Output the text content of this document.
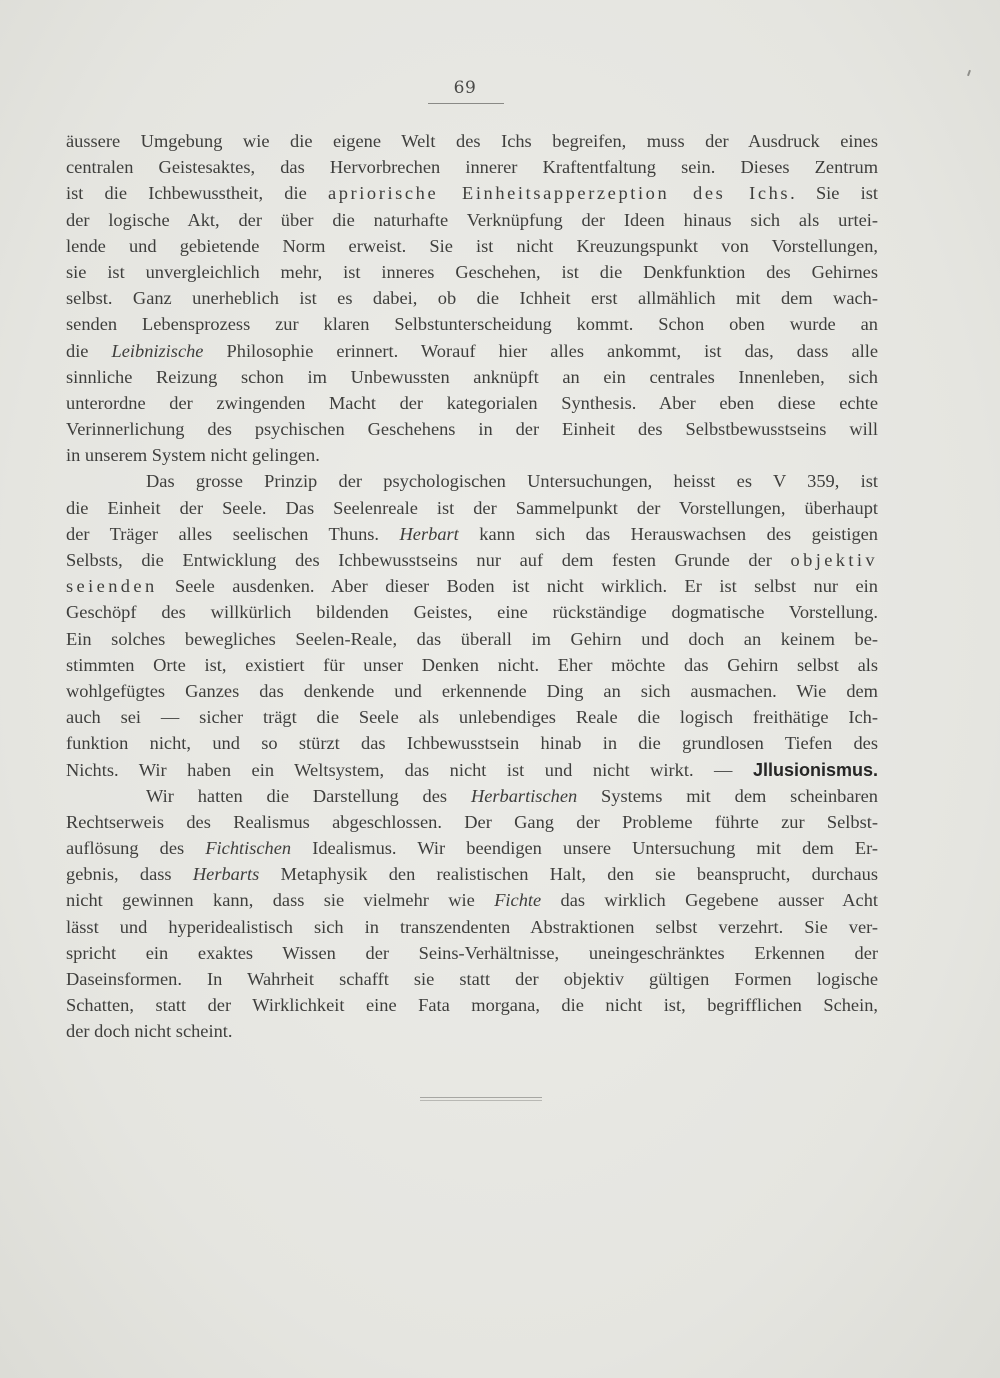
69
äussere Umgebung wie die eigene Welt des Ichs begreifen, muss der Ausdruck eines
centralen Geistesaktes, das Hervorbrechen innerer Kraftentfaltung sein. Dieses Zentrum
ist die Ichbewusstheit, die apriorische Einheitsapperzeption des Ichs. Sie ist
der logische Akt, der über die naturhafte Verknüpfung der Ideen hinaus sich als urtei-
lende und gebietende Norm erweist. Sie ist nicht Kreuzungspunkt von Vorstellungen,
sie ist unvergleichlich mehr, ist inneres Geschehen, ist die Denkfunktion des Gehirnes
selbst. Ganz unerheblich ist es dabei, ob die Ichheit erst allmählich mit dem wach-
senden Lebensprozess zur klaren Selbstunterscheidung kommt. Schon oben wurde an
die Leibnizische Philosophie erinnert. Worauf hier alles ankommt, ist das, dass alle
sinnliche Reizung schon im Unbewussten anknüpft an ein centrales Innenleben, sich
unterordne der zwingenden Macht der kategorialen Synthesis. Aber eben diese echte
Verinnerlichung des psychischen Geschehens in der Einheit des Selbstbewusstseins will
in unserem System nicht gelingen.
Das grosse Prinzip der psychologischen Untersuchungen, heisst es V 359, ist
die Einheit der Seele. Das Seelenreale ist der Sammelpunkt der Vorstellungen, überhaupt
der Träger alles seelischen Thuns. Herbart kann sich das Herauswachsen des geistigen
Selbsts, die Entwicklung des Ichbewusstseins nur auf dem festen Grunde der objektiv
seienden Seele ausdenken. Aber dieser Boden ist nicht wirklich. Er ist selbst nur ein
Geschöpf des willkürlich bildenden Geistes, eine rückständige dogmatische Vorstellung.
Ein solches bewegliches Seelen-Reale, das überall im Gehirn und doch an keinem be-
stimmten Orte ist, existiert für unser Denken nicht. Eher möchte das Gehirn selbst als
wohlgefügtes Ganzes das denkende und erkennende Ding an sich ausmachen. Wie dem
auch sei — sicher trägt die Seele als unlebendiges Reale die logisch freithätige Ich-
funktion nicht, und so stürzt das Ichbewusstsein hinab in die grundlosen Tiefen des
Nichts. Wir haben ein Weltsystem, das nicht ist und nicht wirkt. — Jllusionismus.
Wir hatten die Darstellung des Herbartischen Systems mit dem scheinbaren
Rechtserweis des Realismus abgeschlossen. Der Gang der Probleme führte zur Selbst-
auflösung des Fichtischen Idealismus. Wir beendigen unsere Untersuchung mit dem Er-
gebnis, dass Herbarts Metaphysik den realistischen Halt, den sie beansprucht, durchaus
nicht gewinnen kann, dass sie vielmehr wie Fichte das wirklich Gegebene ausser Acht
lässt und hyperidealistisch sich in transzendenten Abstraktionen selbst verzehrt. Sie ver-
spricht ein exaktes Wissen der Seins-Verhältnisse, uneingeschränktes Erkennen der
Daseinsformen. In Wahrheit schafft sie statt der objektiv gültigen Formen logische
Schatten, statt der Wirklichkeit eine Fata morgana, die nicht ist, begrifflichen Schein,
der doch nicht scheint.
